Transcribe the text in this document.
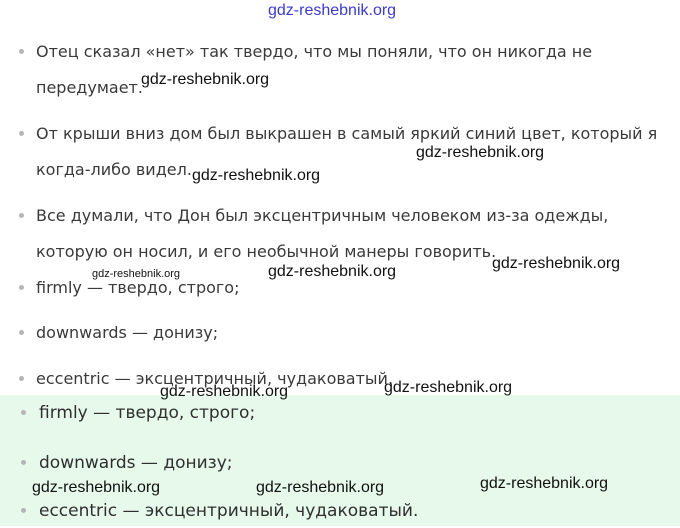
Отец сказал «нет» так твердо, что мы поняли, что он никогда не
передумает.
От крыши вниз дом был выкрашен в самый яркий синий цвет, который я
когда-либо видел.
Все думали, что Дон был эксцентричным человеком из-за одежды,
которую он носил, и его необычной манеры говорить.
firmly — твердо, строго;
downwards — донизу;
eccentric — эксцентричный, чудаковатый.
firmly — твердо, строго;
downwards — донизу;
eccentric — эксцентричный, чудаковатый.
gdz-reshebnik.org
gdz-reshebnik.org
gdz-reshebnik.org
gdz-reshebnik.org
gdz-reshebnik.org	gdz-reshebnik.org	gdz-reshebnik.org
gdz-reshebnik.org	gdz-reshebnik.org
gdz-reshebnik.org	gdz-reshebnik.org	gdz-reshebnik.org
